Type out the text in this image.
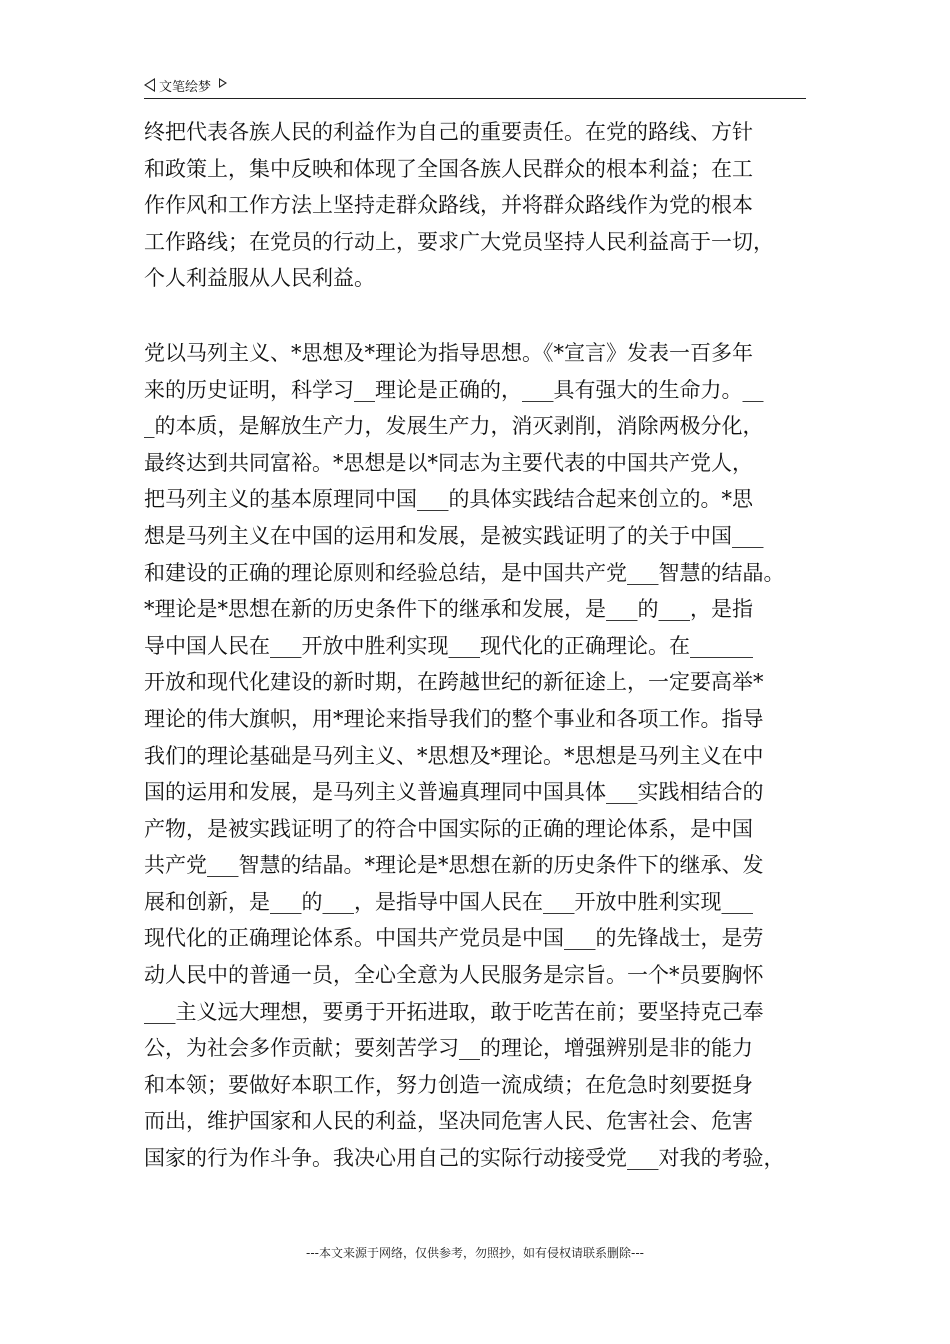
文笔绘梦
终把代表各族人民的利益作为自己的重要责任。在党的路线、方针
和政策上，集中反映和体现了全国各族人民群众的根本利益；在工
作作风和工作方法上坚持走群众路线，并将群众路线作为党的根本
工作路线；在党员的行动上，要求广大党员坚持人民利益高于一切，
个人利益服从人民利益。
党以马列主义、*思想及*理论为指导思想。《*宣言》发表一百多年
来的历史证明，科学习__理论是正确的，___具有强大的生命力。__
_的本质，是解放生产力，发展生产力，消灭剥削，消除两极分化，
最终达到共同富裕。*思想是以*同志为主要代表的中国共产党人，
把马列主义的基本原理同中国___的具体实践结合起来创立的。*思
想是马列主义在中国的运用和发展，是被实践证明了的关于中国___
和建设的正确的理论原则和经验总结，是中国共产党___智慧的结晶。
*理论是*思想在新的历史条件下的继承和发展，是___的___，是指
导中国人民在___开放中胜利实现___现代化的正确理论。在______
开放和现代化建设的新时期，在跨越世纪的新征途上，一定要高举*
理论的伟大旗帜，用*理论来指导我们的整个事业和各项工作。指导
我们的理论基础是马列主义、*思想及*理论。*思想是马列主义在中
国的运用和发展，是马列主义普遍真理同中国具体___实践相结合的
产物，是被实践证明了的符合中国实际的正确的理论体系，是中国
共产党___智慧的结晶。*理论是*思想在新的历史条件下的继承、发
展和创新，是___的___，是指导中国人民在___开放中胜利实现___
现代化的正确理论体系。中国共产党员是中国___的先锋战士，是劳
动人民中的普通一员，全心全意为人民服务是宗旨。一个*员要胸怀
___主义远大理想，要勇于开拓进取，敢于吃苦在前；要坚持克己奉
公，为社会多作贡献；要刻苦学习__的理论，增强辨别是非的能力
和本领；要做好本职工作，努力创造一流成绩；在危急时刻要挺身
而出，维护国家和人民的利益，坚决同危害人民、危害社会、危害
国家的行为作斗争。我决心用自己的实际行动接受党___对我的考验，
---本文来源于网络，仅供参考，勿照抄，如有侵权请联系删除---
